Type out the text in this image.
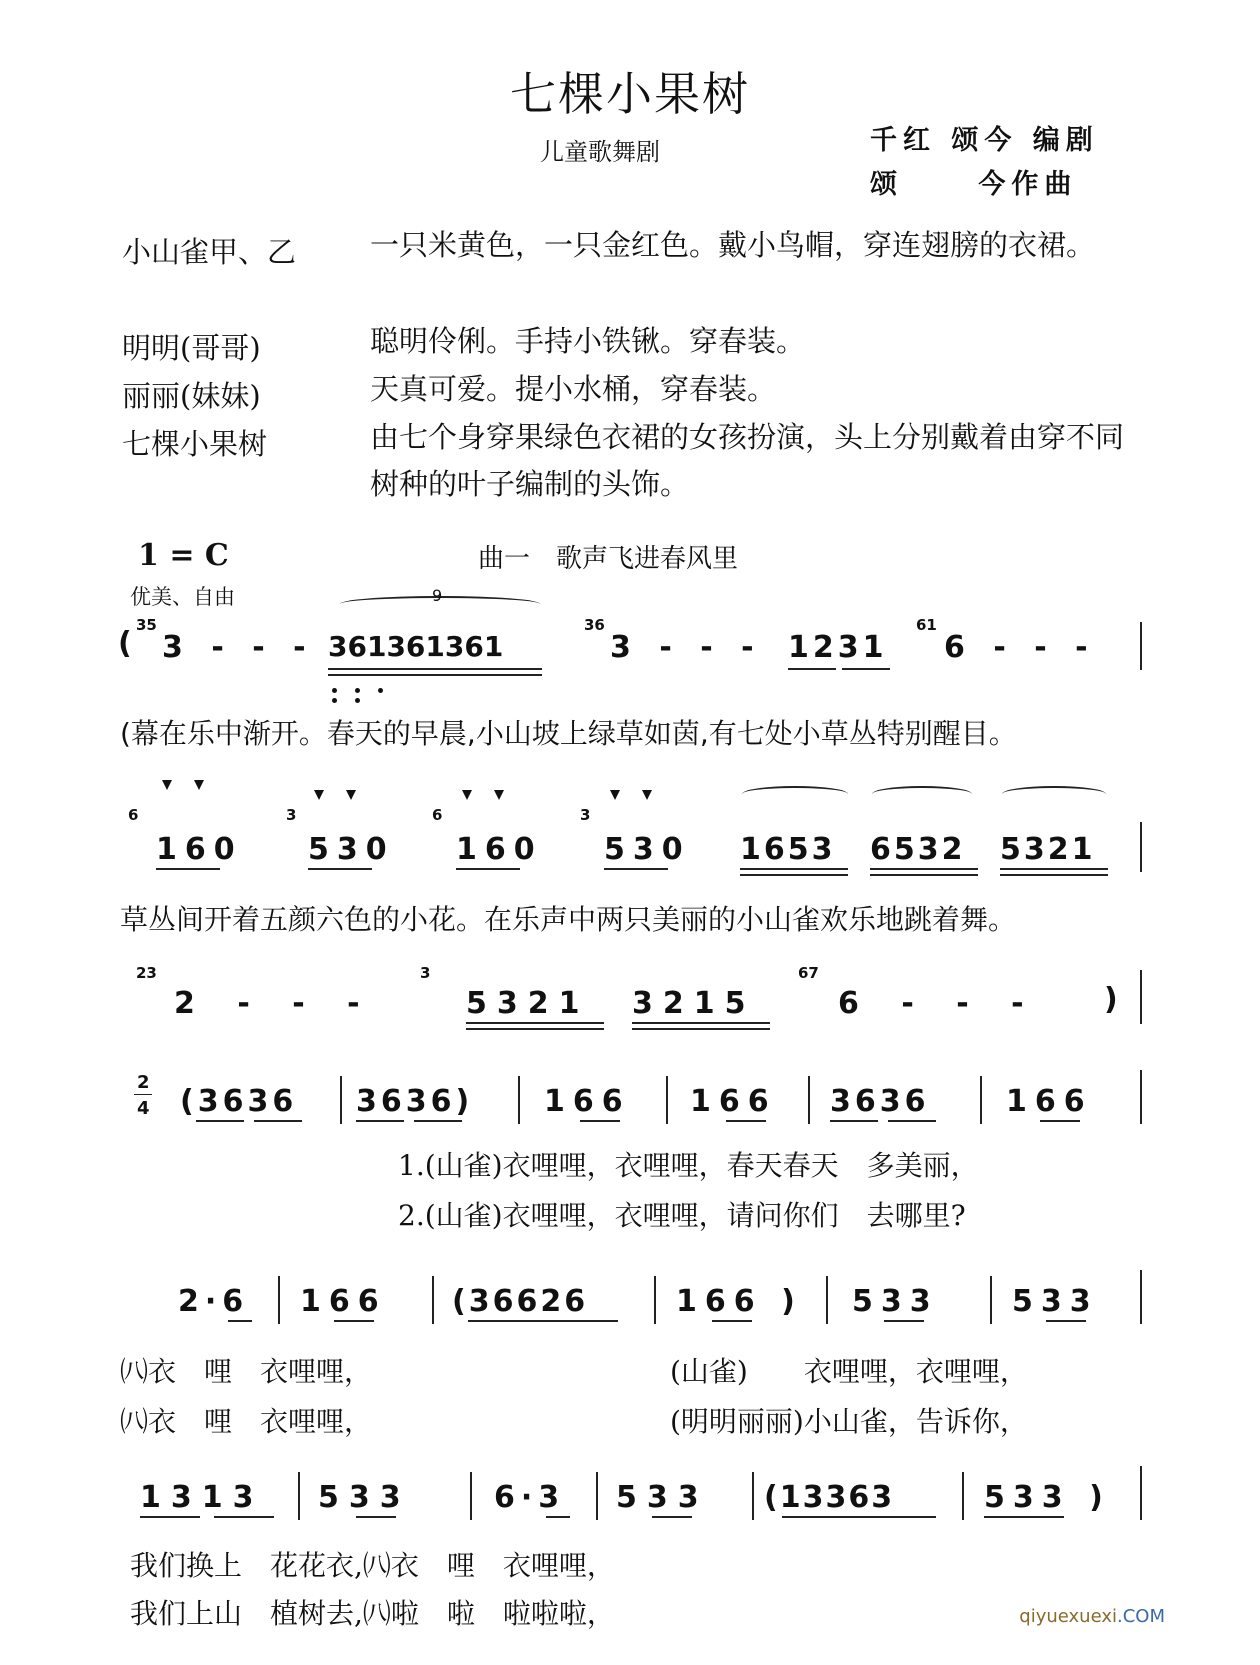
七棵小果树
儿童歌舞剧	千红 颂今 编剧
颂 今作曲
小山雀甲、乙	一只米黄色，一只金红色。戴小鸟帽，穿连翅膀的衣裙。
明明(哥哥)	聪明伶俐。手持小铁锹。穿春装。
丽丽(妹妹)	天真可爱。提小水桶，穿春装。
七棵小果树	由七个身穿果绿色衣裙的女孩扮演，头上分别戴着由穿不同树种的叶子编制的头饰。
1 = C
优美、自由
曲一　歌声飞进春风里
(
35
3 - - -
9
361361361
36
3 - - - 1231
61
6 - - -
(幕在乐中渐开。春天的早晨,小山坡上绿草如茵,有七处小草丛特别醒目。
6
160
3
530
6
160
3
530 1653 6532 5321
草丛间开着五颜六色的小花。在乐声中两只美丽的小山雀欢乐地跳着舞。
23
2 - - -
3
5321 3215
67
6 - - -	)
2
4 (3636 3636) 166 166 3636	166
1.(山雀)衣哩哩，衣哩哩，春天春天　多美丽，
2.(山雀)衣哩哩，衣哩哩，请问你们　去哪里?
2·6 166 (36626	166 ) 533 533
㈧衣　哩　衣哩哩，	(山雀)　　衣哩哩，衣哩哩，
㈧衣　哩　衣哩哩，	(明明丽丽)小山雀，告诉你，
1313 533	6·3 533 (13363	533 )
我们换上　花花衣,㈧衣　哩　衣哩哩，
我们上山　植树去,㈧啦　啦　啦啦啦，	qiyuexuexi.COM
